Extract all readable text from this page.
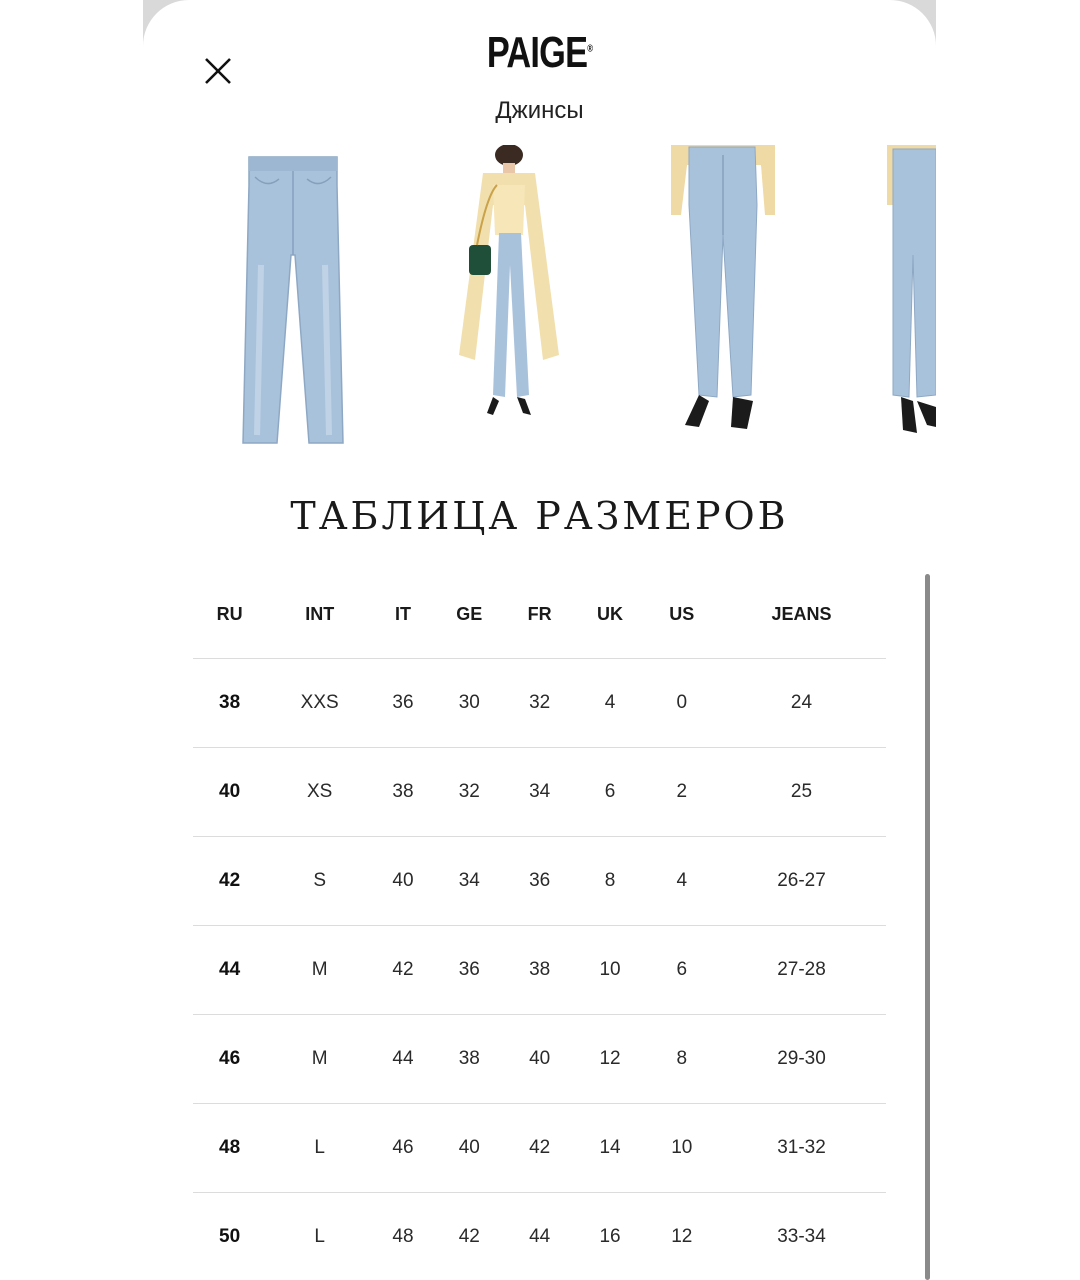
PAIGE®
Джинсы
ТАБЛИЦА РАЗМЕРОВ
RU	INT	IT	GE	FR	UK	US	JEANS
38	XXS	36	30	32	4	0	24
40	XS	38	32	34	6	2	25
42	S	40	34	36	8	4	26-27
44	M	42	36	38	10	6	27-28
46	M	44	38	40	12	8	29-30
48	L	46	40	42	14	10	31-32
50	L	48	42	44	16	12	33-34
